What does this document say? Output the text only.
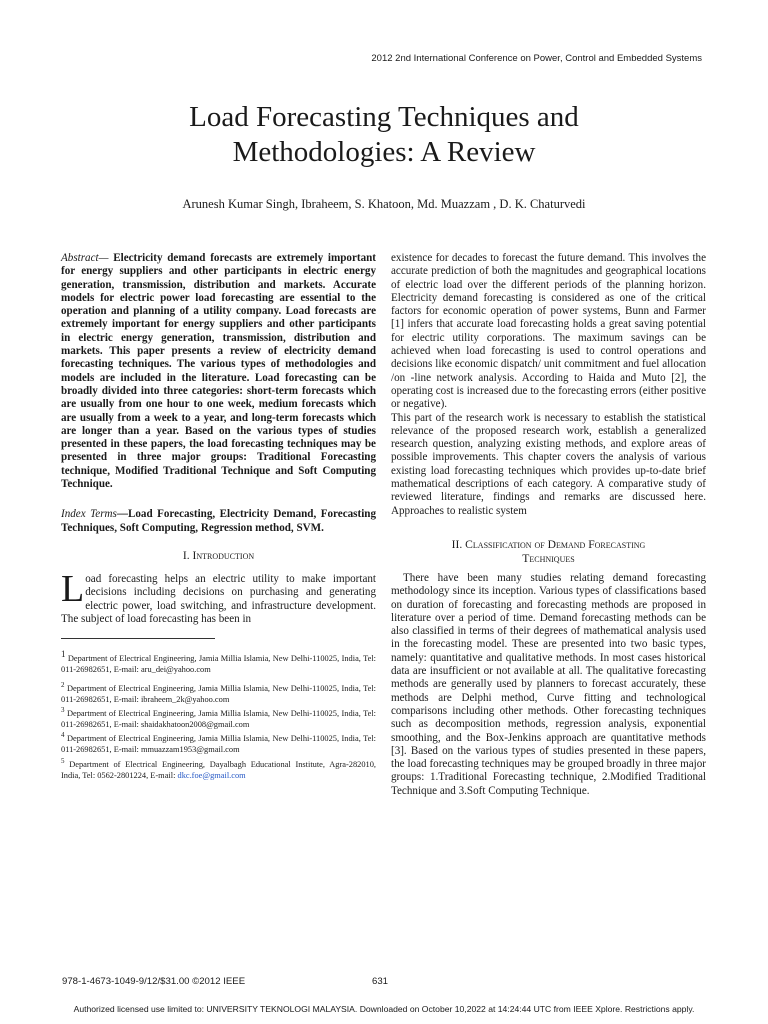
2012 2nd International Conference on Power, Control and Embedded Systems
Load Forecasting Techniques and
Methodologies: A Review
Arunesh Kumar Singh, Ibraheem, S. Khatoon, Md. Muazzam , D. K. Chaturvedi

Abstract— Electricity demand forecasts are extremely important for energy suppliers and other participants in electric energy generation, transmission, distribution and markets. Accurate models for electric power load forecasting are essential to the operation and planning of a utility company. Load forecasts are extremely important for energy suppliers and other participants in electric energy generation, transmission, distribution and markets. This paper presents a review of electricity demand forecasting techniques. The various types of methodologies and models are included in the literature. Load forecasting can be broadly divided into three categories: short-term forecasts which are usually from one hour to one week, medium forecasts which are usually from a week to a year, and long-term forecasts which are longer than a year. Based on the various types of studies presented in these papers, the load forecasting techniques may be presented in three major groups: Traditional Forecasting technique, Modified Traditional Technique and Soft Computing Technique.

Index Terms—Load Forecasting, Electricity Demand, Forecasting Techniques, Soft Computing, Regression method, SVM.

I. Introduction

Load forecasting helps an electric utility to make important decisions including decisions on purchasing and generating electric power, load switching, and infrastructure development. The subject of load forecasting has been in

$^1$ Department of Electrical Engineering, Jamia Millia Islamia, New Delhi-110025, India, Tel: 011-26982651, E-mail: aru_dei@yahoo.com
$^2$ Department of Electrical Engineering, Jamia Millia Islamia, New Delhi-110025, India, Tel: 011-26982651, E-mail: ibraheem_2k@yahoo.com
$^3$ Department of Electrical Engineering, Jamia Millia Islamia, New Delhi-110025, India, Tel: 011-26982651, E-mail: shaidakhatoon2008@gmail.com
$^4$ Department of Electrical Engineering, Jamia Millia Islamia, New Delhi-110025, India, Tel: 011-26982651, E-mail: mmuazzam1953@gmail.com
$^5$ Department of Electrical Engineering, Dayalbagh Educational Institute, Agra-282010, India, Tel: 0562-2801224, E-mail: dkc.foe@gmail.com

existence for decades to forecast the future demand. This involves the accurate prediction of both the magnitudes and geographical locations of electric load over the different periods of the planning horizon. Electricity demand forecasting is considered as one of the critical factors for economic operation of power systems, Bunn and Farmer [1] infers that accurate load forecasting holds a great saving potential for electric utility corporations. The maximum savings can be achieved when load forecasting is used to control operations and decisions like economic dispatch/ unit commitment and fuel allocation /on -line network analysis. According to Haida and Muto [2], the operating cost is increased due to the forecasting errors (either positive or negative).

This part of the research work is necessary to establish the statistical relevance of the proposed research work, establish a generalized research question, analyzing existing methods, and explore areas of possible improvements. This chapter covers the analysis of various existing load forecasting techniques which provides up-to-date brief mathematical descriptions of each category. A comparative study of reviewed literature, findings and remarks are discussed here. Approaches to realistic system

II. Classification of Demand Forecasting
Techniques

There have been many studies relating demand forecasting methodology since its inception. Various types of classifications based on duration of forecasting and forecasting methods are proposed in literature over a period of time. Demand forecasting methods can be also classified in terms of their degrees of mathematical analysis used in the forecasting model. These are presented into two basic types, namely: quantitative and qualitative methods. In most cases historical data are insufficient or not available at all. The qualitative forecasting methods are generally used by planners to forecast accurately, these methods are Delphi method, Curve fitting and technological comparisons including other methods. Other forecasting techniques such as decomposition methods, regression analysis, exponential smoothing, and the Box-Jenkins approach are quantitative methods [3]. Based on the various types of studies presented in these papers, the load forecasting techniques may be grouped broadly in three major groups: 1.Traditional Forecasting technique, 2.Modified Traditional Technique and 3.Soft Computing Technique.

978-1-4673-1049-9/12/$31.00 ©2012 IEEE	631
Authorized licensed use limited to: UNIVERSITY TEKNOLOGI MALAYSIA. Downloaded on October 10,2022 at 14:24:44 UTC from IEEE Xplore. Restrictions apply.
